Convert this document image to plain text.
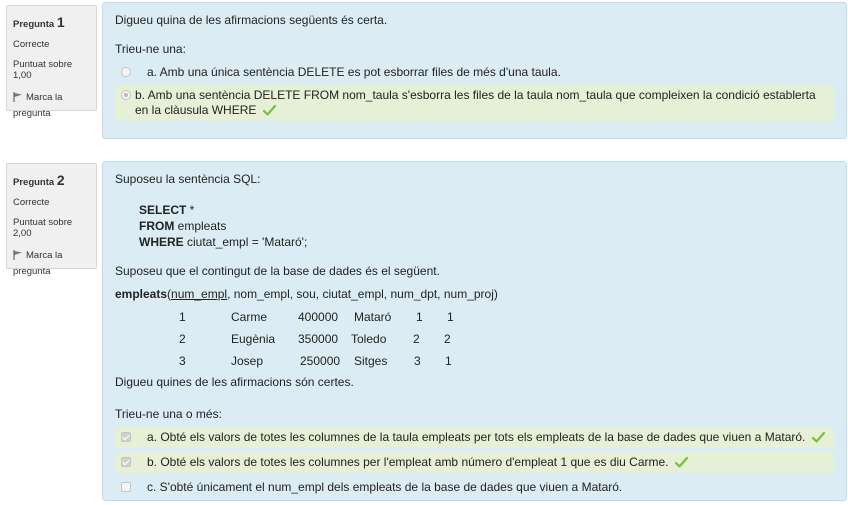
Pregunta 1
Correcte
Puntuat sobre 1,00
Marca la pregunta
Digueu quina de les afirmacions següents és certa.
Trieu-ne una:
a. Amb una única sentència DELETE es pot esborrar files de més d'una taula.
b. Amb una sentència DELETE FROM nom_taula s'esborra les files de la taula nom_taula que compleixen la condició establerta en la clàusula WHERE
Pregunta 2
Correcte
Puntuat sobre 2,00
Marca la pregunta
Suposeu la sentència SQL:
SELECT *
FROM empleats
WHERE ciutat_empl = 'Mataró';
Suposeu que el contingut de la base de dades és el següent.
empleats(num_empl, nom_empl, sou, ciutat_empl, num_dpt, num_proj)
1	Carme	400000 Mataró 1 1
2	Eugènia 350000 Toledo 2 2
3	Josep	250000 Sitges 3 1
Digueu quines de les afirmacions són certes.
Trieu-ne una o més:
a. Obté els valors de totes les columnes de la taula empleats per tots els empleats de la base de dades que viuen a Mataró.
b. Obté els valors de totes les columnes per l'empleat amb número d'empleat 1 que es diu Carme.
c. S'obté únicament el num_empl dels empleats de la base de dades que viuen a Mataró.
